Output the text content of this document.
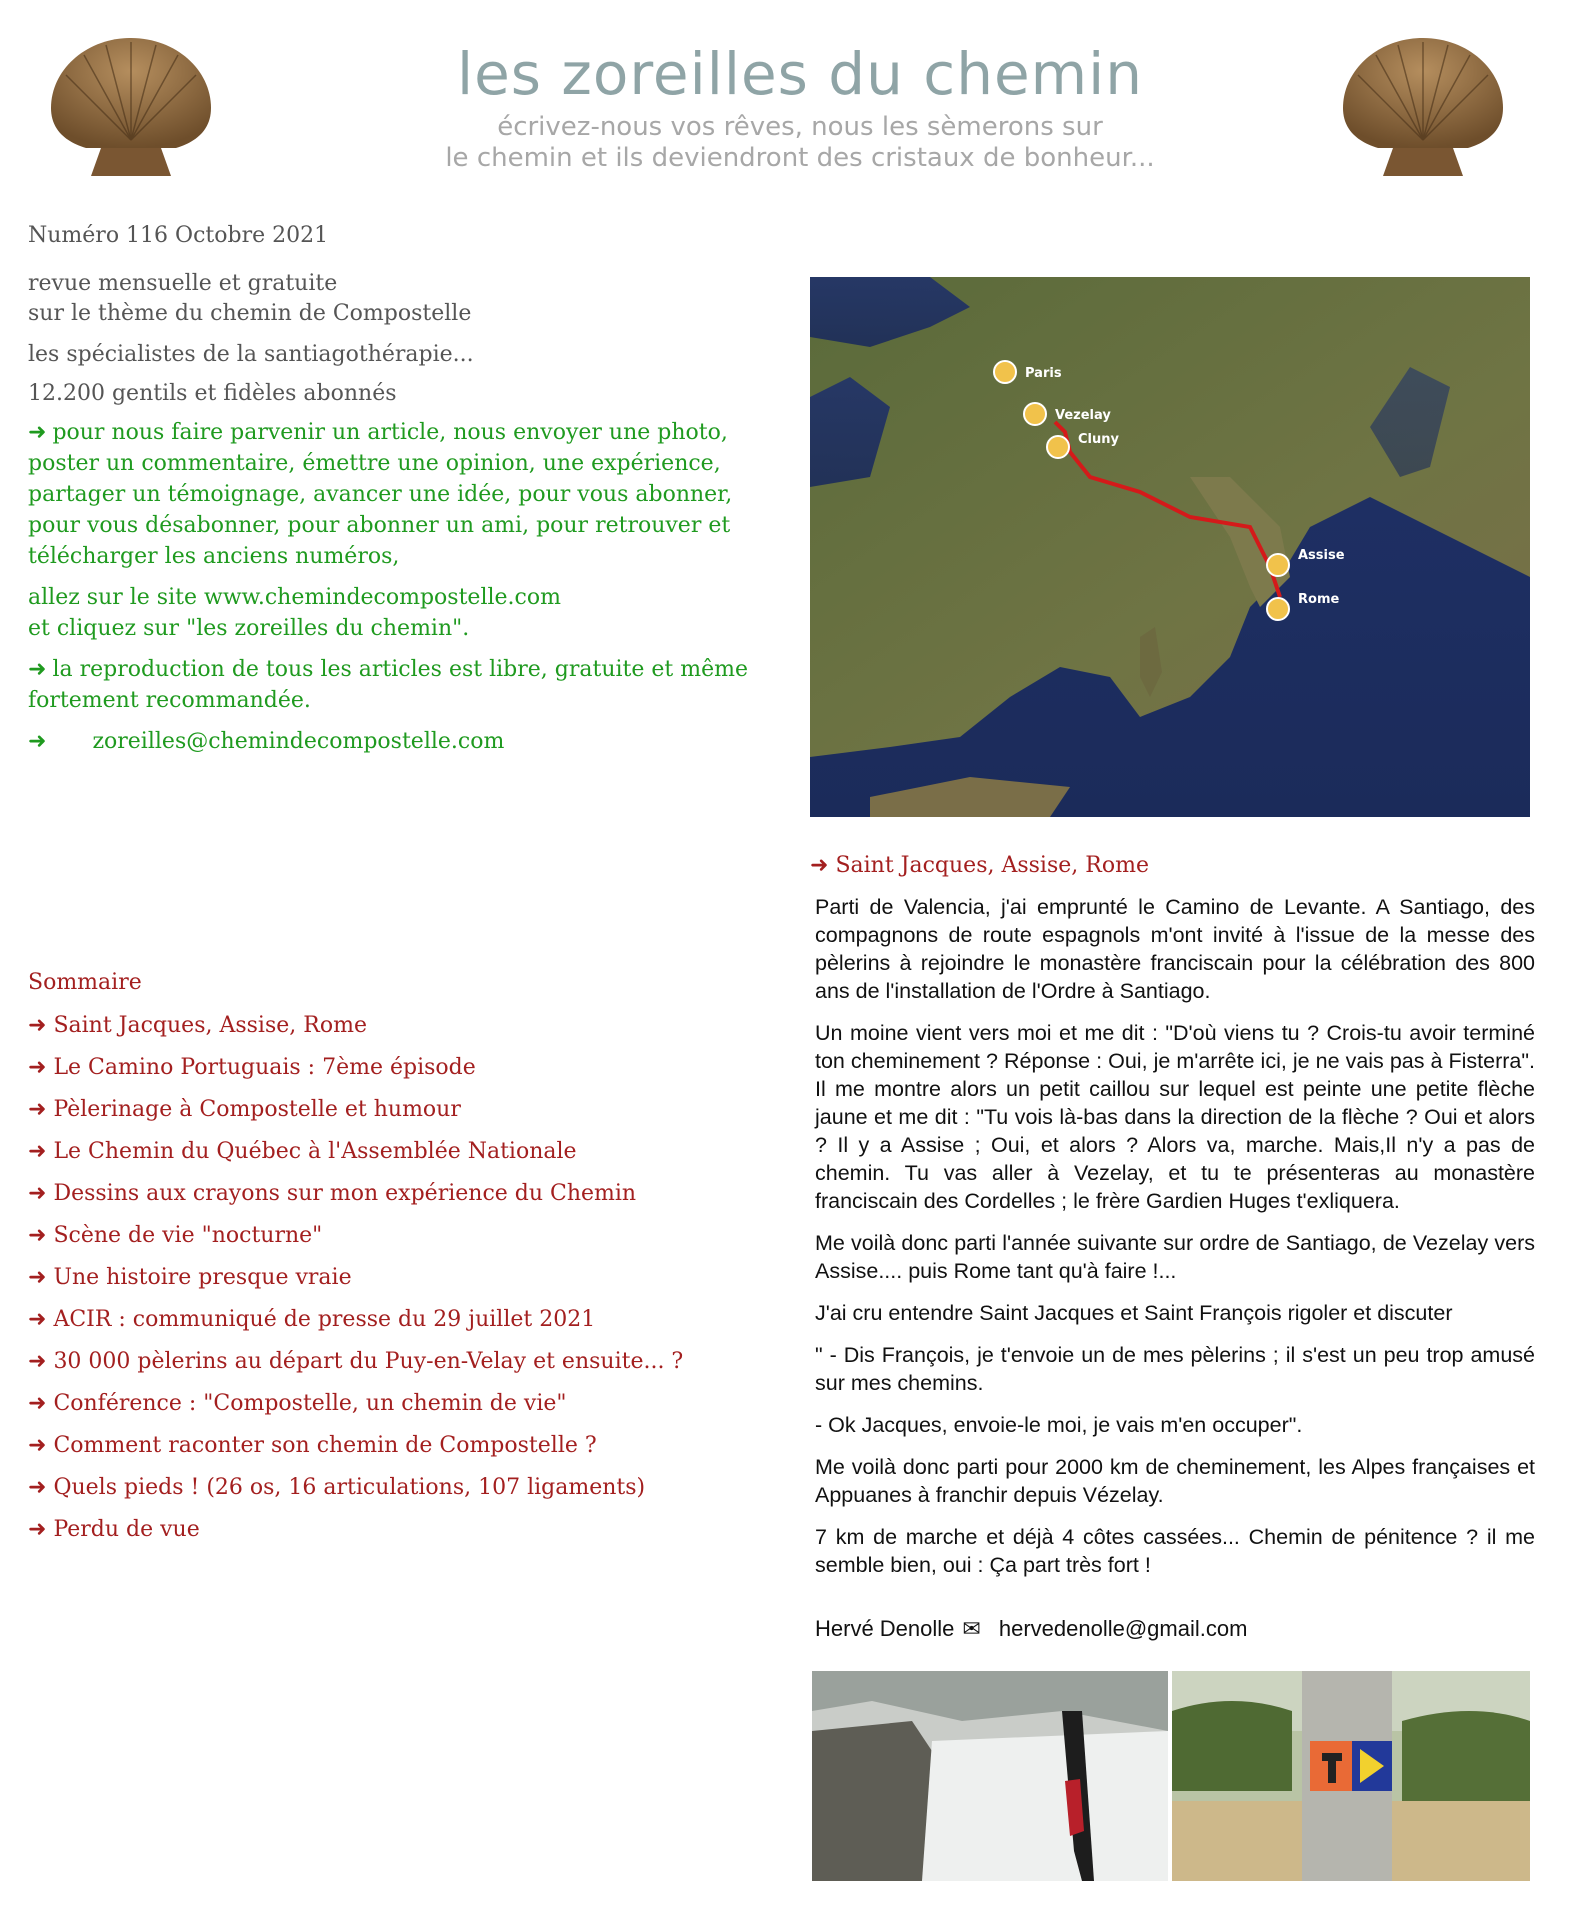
les zoreilles du chemin
écrivez-nous vos rêves, nous les sèmerons sur
le chemin et ils deviendront des cristaux de bonheur...

Numéro 116 Octobre 2021

revue mensuelle et gratuite
sur le thème du chemin de Compostelle

les spécialistes de la santiagothérapie...

12.200 gentils et fidèles abonnés

➜ pour nous faire parvenir un article, nous envoyer une photo, poster un commentaire, émettre une opinion, une expérience, partager un témoignage, avancer une idée, pour vous abonner, pour vous désabonner, pour abonner un ami, pour retrouver et télécharger les anciens numéros,

allez sur le site www.chemindecompostelle.com
et cliquez sur "les zoreilles du chemin".

➜ la reproduction de tous les articles est libre, gratuite et même fortement recommandée.

➜ zoreilles@chemindecompostelle.com

Sommaire
➜ Saint Jacques, Assise, Rome
➜ Le Camino Portuguais : 7ème épisode
➜ Pèlerinage à Compostelle et humour
➜ Le Chemin du Québec à l'Assemblée Nationale
➜ Dessins aux crayons sur mon expérience du Chemin
➜ Scène de vie "nocturne"
➜ Une histoire presque vraie
➜ ACIR : communiqué de presse du 29 juillet 2021
➜ 30 000 pèlerins au départ du Puy-en-Velay et ensuite... ?
➜ Conférence : "Compostelle, un chemin de vie"
➜ Comment raconter son chemin de Compostelle ?
➜ Quels pieds ! (26 os, 16 articulations, 107 ligaments)
➜ Perdu de vue
Paris
Vezelay
Cluny
Assise
Rome
➜ Saint Jacques, Assise, Rome

Parti de Valencia, j'ai emprunté le Camino de Levante. A Santiago, des compagnons de route espagnols m'ont invité à l'issue de la messe des pèlerins à rejoindre le monastère franciscain pour la célébration des 800 ans de l'installation de l'Ordre à Santiago.

Un moine vient vers moi et me dit : "D'où viens tu ? Crois-tu avoir terminé ton cheminement ? Réponse : Oui, je m'arrête ici, je ne vais pas à Fisterra". Il me montre alors un petit caillou sur lequel est peinte une petite flèche jaune et me dit : "Tu vois là-bas dans la direction de la flèche ? Oui et alors ? Il y a Assise ; Oui, et alors ? Alors va, marche. Mais,Il n'y a pas de chemin. Tu vas aller à Vezelay, et tu te présenteras au monastère franciscain des Cordelles ; le frère Gardien Huges t'exliquera.

Me voilà donc parti l'année suivante sur ordre de Santiago, de Vezelay vers Assise.... puis Rome tant qu'à faire !...

J'ai cru entendre Saint Jacques et Saint François rigoler et discuter

" - Dis François, je t'envoie un de mes pèlerins ; il s'est un peu trop amusé sur mes chemins.

- Ok Jacques, envoie-le moi, je vais m'en occuper".

Me voilà donc parti pour 2000 km de cheminement, les Alpes françaises et Appuanes à franchir depuis Vézelay.

7 km de marche et déjà 4 côtes cassées... Chemin de pénitence ? il me semble bien, oui : Ça part très fort !

Hervé Denolle ✉ hervedenolle@gmail.com
